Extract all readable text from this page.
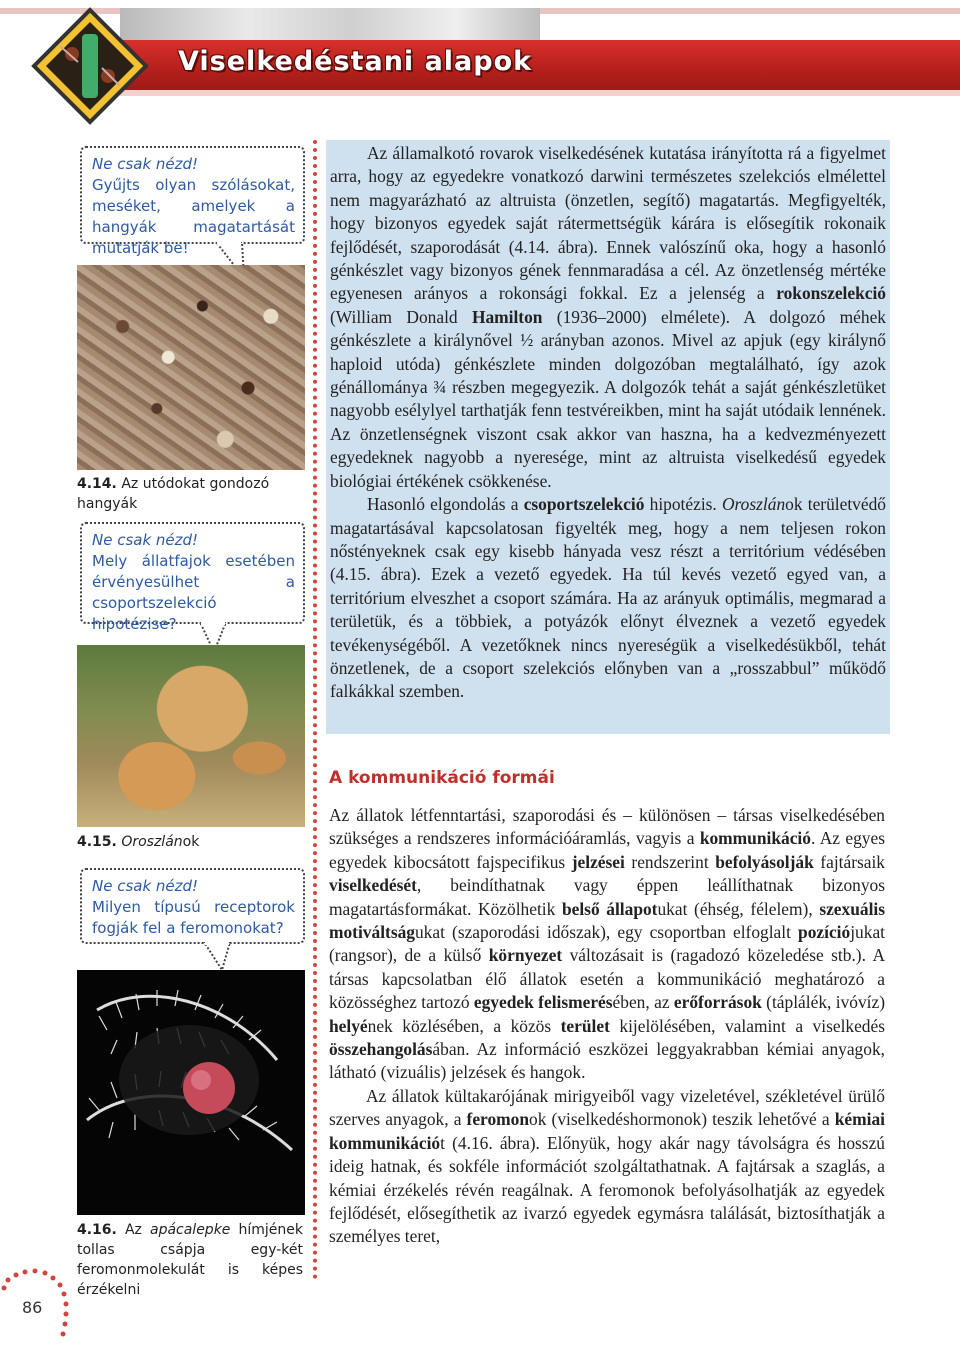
Viselkedéstani alapok
Ne csak nézd!
Gyűjts olyan szólásokat, meséket, amelyek a hangyák magatartását mutatják be!
4.14. Az utódokat gondozó hangyák
Ne csak nézd!
Mely állatfajok esetében érvényesülhet a csoportszelekció hipotézise?
4.15. Oroszlánok
Ne csak nézd!
Milyen típusú receptorok fogják fel a feromonokat?
4.16. Az apácalepke hímjének tollas csápja egy-két feromonmolekulát is képes érzékelni
86

Az államalkotó rovarok viselkedésének kutatása irányította rá a figyelmet arra, hogy az egyedekre vonatkozó darwini természetes szelekciós elmélettel nem magyarázható az altruista (önzetlen, segítő) magatartás. Megfigyelték, hogy bizonyos egyedek saját rátermettségük kárára is elősegítik rokonaik fejlődését, szaporodását (4.14. ábra). Ennek valószínű oka, hogy a hasonló génkészlet vagy bizonyos gének fennmaradása a cél. Az önzetlenség mértéke egyenesen arányos a rokonsági fokkal. Ez a jelenség a rokonszelekció (William Donald Hamilton (1936–2000) elmélete). A dolgozó méhek génkészlete a királynővel ½ arányban azonos. Mivel az apjuk (egy királynő haploid utóda) génkészlete minden dolgozóban megtalálható, így azok génállománya ¾ részben megegyezik. A dolgozók tehát a saját génkészletüket nagyobb esélylyel tarthatják fenn testvéreikben, mint ha saját utódaik lennének. Az önzetlenségnek viszont csak akkor van haszna, ha a kedvezményezett egyedeknek nagyobb a nyeresége, mint az altruista viselkedésű egyedek biológiai értékének csökkenése.

Hasonló elgondolás a csoportszelekció hipotézis. Oroszlánok területvédő magatartásával kapcsolatosan figyelték meg, hogy a nem teljesen rokon nőstényeknek csak egy kisebb hányada vesz részt a territórium védésében (4.15. ábra). Ezek a vezető egyedek. Ha túl kevés vezető egyed van, a territórium elveszhet a csoport számára. Ha az arányuk optimális, megmarad a területük, és a többiek, a potyázók előnyt élveznek a vezető egyedek tevékenységéből. A vezetőknek nincs nyereségük a viselkedésükből, tehát önzetlenek, de a csoport szelekciós előnyben van a „rosszabbul” működő falkákkal szemben.

A kommunikáció formái

Az állatok létfenntartási, szaporodási és – különösen – társas viselkedésében szükséges a rendszeres információáramlás, vagyis a kommunikáció. Az egyes egyedek kibocsátott fajspecifikus jelzései rendszerint befolyásolják fajtársaik viselkedését, beindíthatnak vagy éppen leállíthatnak bizonyos magatartásformákat. Közölhetik belső állapotukat (éhség, félelem), szexuális motiváltságukat (szaporodási időszak), egy csoportban elfoglalt pozíciójukat (rangsor), de a külső környezet változásait is (ragadozó közeledése stb.). A társas kapcsolatban élő állatok esetén a kommunikáció meghatározó a közösséghez tartozó egyedek felismerésében, az erőforrások (táplálék, ivóvíz) helyének közlésében, a közös terület kijelölésében, valamint a viselkedés összehangolásában. Az információ eszközei leggyakrabban kémiai anyagok, látható (vizuális) jelzések és hangok.

Az állatok kültakarójának mirigyeiből vagy vizeletével, székletével ürülő szerves anyagok, a feromonok (viselkedéshormonok) teszik lehetővé a kémiai kommunikációt (4.16. ábra). Előnyük, hogy akár nagy távolságra és hosszú ideig hatnak, és sokféle információt szolgáltathatnak. A fajtársak a szaglás, a kémiai érzékelés révén reagálnak. A feromonok befolyásolhatják az egyedek fejlődését, elősegíthetik az ivarzó egyedek egymásra találását, biztosíthatják a személyes teret,
